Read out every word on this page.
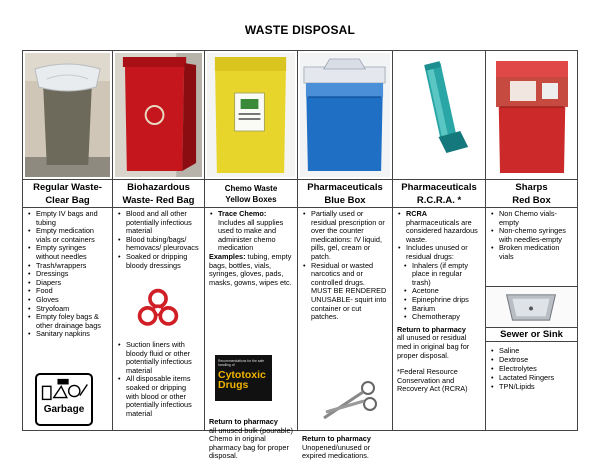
WASTE DISPOSAL
Regular Waste-
Clear Bag
• Empty IV bags and tubing
• Empty medication vials or containers
• Empty syringes without needles
• Trash/wrappers
• Dressings
• Diapers
• Food
• Gloves
• Stryofoam
• Empty foley bags & other drainage bags
• Sanitary napkins
Garbage
Biohazardous
Waste- Red Bag
• Blood and all other potentially infectious material
• Blood tubing/bags/ hemovacs/ pleurovacs
• Soaked or dripping bloody dressings
• Suction liners with bloody fluid or other potentially infectious material
• All disposable items soaked or dripping with blood or other potentially infectious material
Chemo Waste
Yellow Boxes
• Trace Chemo:
Includes all supplies used to make and administer chemo medication
Examples: tubing, empty bags, bottles, vials, syringes, gloves, pads, masks, gowns, wipes etc.
Recommendations for the safe handling of
Cytotoxic Drugs
Return to pharmacy
all unused bulk (pourable) Chemo in original pharmacy bag for proper disposal.
Pharmaceuticals
Blue Box
• Partially used or residual prescription or over the counter medications: IV liquid, pills, gel, cream or patch.
• Residual or wasted narcotics and or controlled drugs.
MUST BE RENDERED UNUSABLE- squirt into container or cut patches.
Return to pharmacy
Unopened/unused or expired medications.
Pharmaceuticals
R.C.R.A. *
• RCRA pharmaceuticals are considered hazardous waste.
• Includes unused or residual drugs:
• Inhalers (if empty place in regular trash)
• Acetone
• Epinephrine drips
• Barium
• Chemotherapy
Return to pharmacy
all unused or residual med in original bag for proper disposal.
*Federal Resource Conservation and Recovery Act (RCRA)
Sharps
Red Box
• Non Chemo vials-empty
• Non-chemo syringes with needles-empty
• Broken medication vials
Sewer or Sink
• Saline
• Dextrose
• Electrolytes
• Lactated Ringers
• TPN/Lipids
